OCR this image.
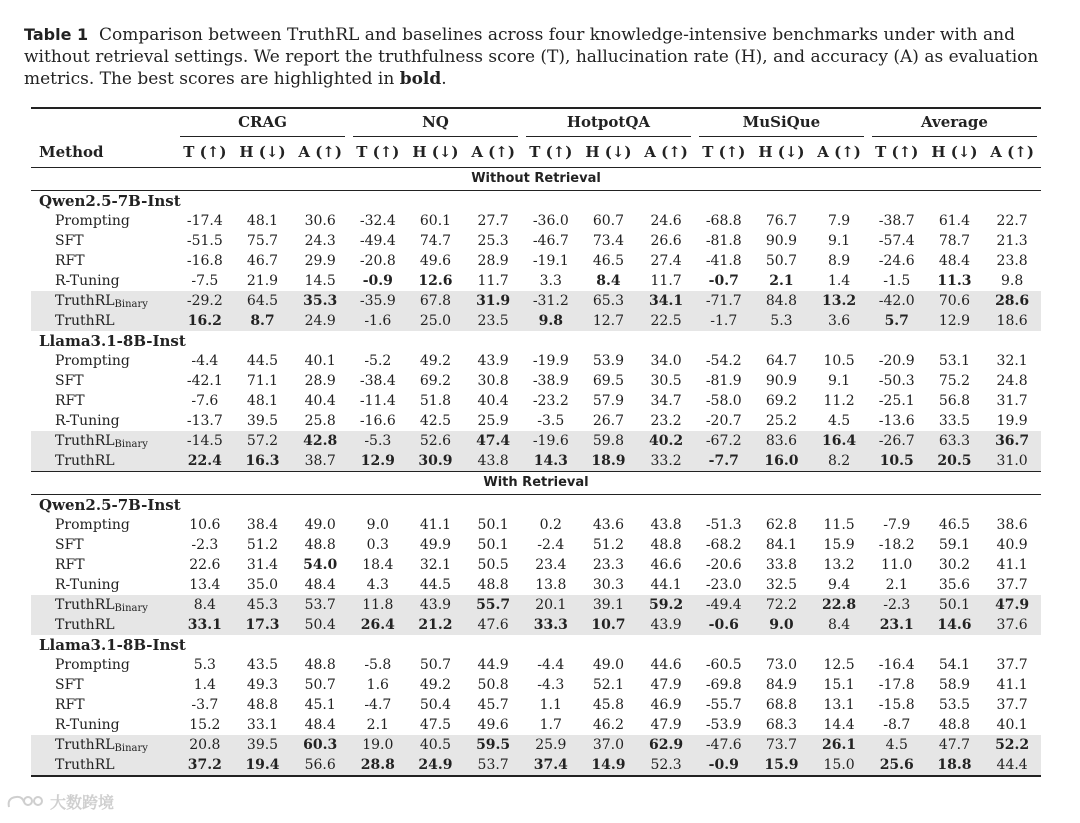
Table 1 Comparison between TruthRL and baselines across four knowledge-intensive benchmarks under with and without retrieval settings. We report the truthfulness score (T), hallucination rate (H), and accuracy (A) as evaluation metrics. The best scores are highlighted in bold.

	CRAG			NQ			HotpotQA			MuSiQue			Average		

Method	T (↑)	H (↓)	A (↑)	T (↑)	H (↓)	A (↑)	T (↑)	H (↓)	A (↑)	T (↑)	H (↓)	A (↑)	T (↑)	H (↓)	A (↑)
Without Retrieval															
Qwen2.5-7B-Inst															
Prompting	-17.4	48.1	30.6	-32.4	60.1	27.7	-36.0	60.7	24.6	-68.8	76.7	7.9	-38.7	61.4	22.7
SFT	-51.5	75.7	24.3	-49.4	74.7	25.3	-46.7	73.4	26.6	-81.8	90.9	9.1	-57.4	78.7	21.3
RFT	-16.8	46.7	29.9	-20.8	49.6	28.9	-19.1	46.5	27.4	-41.8	50.7	8.9	-24.6	48.4	23.8
R-Tuning	-7.5	21.9	14.5	-0.9	12.6	11.7	3.3	8.4	11.7	-0.7	2.1	1.4	-1.5	11.3	9.8
TruthRL$_{Binary}$	-29.2	64.5	35.3	-35.9	67.8	31.9	-31.2	65.3	34.1	-71.7	84.8	13.2	-42.0	70.6	28.6
TruthRL	16.2	8.7	24.9	-1.6	25.0	23.5	9.8	12.7	22.5	-1.7	5.3	3.6	5.7	12.9	18.6
Llama3.1-8B-Inst															
Prompting	-4.4	44.5	40.1	-5.2	49.2	43.9	-19.9	53.9	34.0	-54.2	64.7	10.5	-20.9	53.1	32.1
SFT	-42.1	71.1	28.9	-38.4	69.2	30.8	-38.9	69.5	30.5	-81.9	90.9	9.1	-50.3	75.2	24.8
RFT	-7.6	48.1	40.4	-11.4	51.8	40.4	-23.2	57.9	34.7	-58.0	69.2	11.2	-25.1	56.8	31.7
R-Tuning	-13.7	39.5	25.8	-16.6	42.5	25.9	-3.5	26.7	23.2	-20.7	25.2	4.5	-13.6	33.5	19.9
TruthRL$_{Binary}$	-14.5	57.2	42.8	-5.3	52.6	47.4	-19.6	59.8	40.2	-67.2	83.6	16.4	-26.7	63.3	36.7
TruthRL	22.4	16.3	38.7	12.9	30.9	43.8	14.3	18.9	33.2	-7.7	16.0	8.2	10.5	20.5	31.0
With Retrieval															
Qwen2.5-7B-Inst															
Prompting	10.6	38.4	49.0	9.0	41.1	50.1	0.2	43.6	43.8	-51.3	62.8	11.5	-7.9	46.5	38.6
SFT	-2.3	51.2	48.8	0.3	49.9	50.1	-2.4	51.2	48.8	-68.2	84.1	15.9	-18.2	59.1	40.9
RFT	22.6	31.4	54.0	18.4	32.1	50.5	23.4	23.3	46.6	-20.6	33.8	13.2	11.0	30.2	41.1
R-Tuning	13.4	35.0	48.4	4.3	44.5	48.8	13.8	30.3	44.1	-23.0	32.5	9.4	2.1	35.6	37.7
TruthRL$_{Binary}$	8.4	45.3	53.7	11.8	43.9	55.7	20.1	39.1	59.2	-49.4	72.2	22.8	-2.3	50.1	47.9
TruthRL	33.1	17.3	50.4	26.4	21.2	47.6	33.3	10.7	43.9	-0.6	9.0	8.4	23.1	14.6	37.6
Llama3.1-8B-Inst															
Prompting	5.3	43.5	48.8	-5.8	50.7	44.9	-4.4	49.0	44.6	-60.5	73.0	12.5	-16.4	54.1	37.7
SFT	1.4	49.3	50.7	1.6	49.2	50.8	-4.3	52.1	47.9	-69.8	84.9	15.1	-17.8	58.9	41.1
RFT	-3.7	48.8	45.1	-4.7	50.4	45.7	1.1	45.8	46.9	-55.7	68.8	13.1	-15.8	53.5	37.7
R-Tuning	15.2	33.1	48.4	2.1	47.5	49.6	1.7	46.2	47.9	-53.9	68.3	14.4	-8.7	48.8	40.1
TruthRL$_{Binary}$	20.8	39.5	60.3	19.0	40.5	59.5	25.9	37.0	62.9	-47.6	73.7	26.1	4.5	47.7	52.2
TruthRL	37.2	19.4	56.6	28.8	24.9	53.7	37.4	14.9	52.3	-0.9	15.9	15.0	25.6	18.8	44.4
大数跨境
